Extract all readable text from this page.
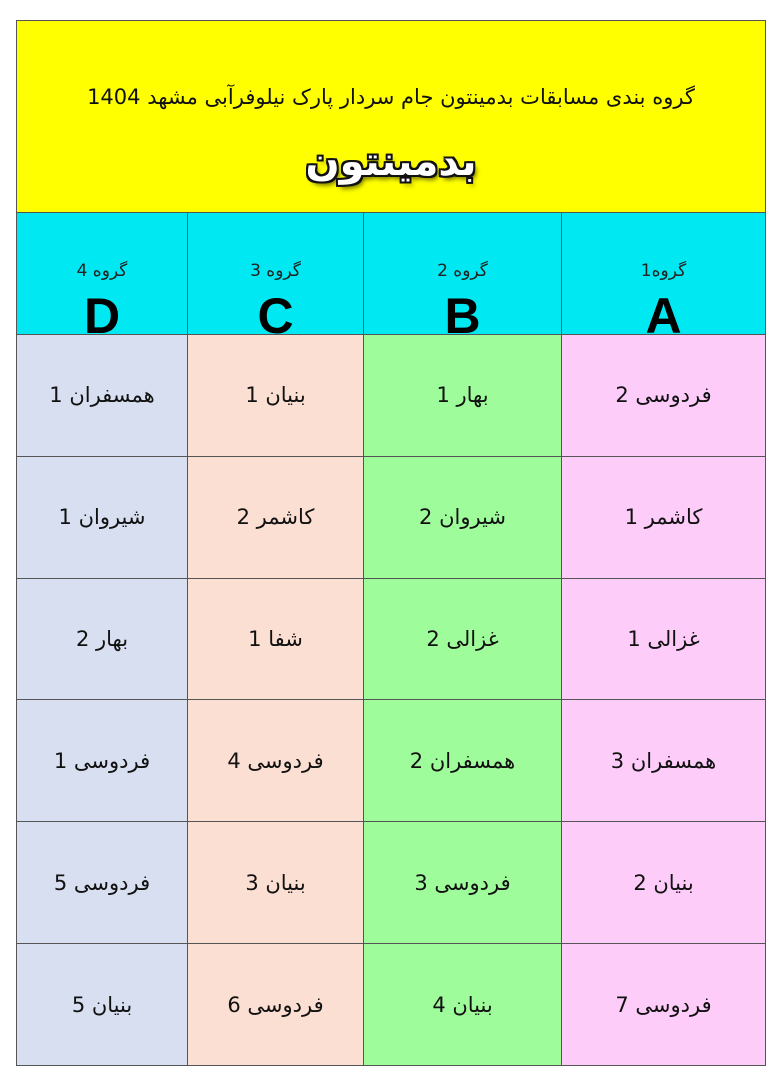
گروه بندی مسابقات بدمینتون جام سردار پارک نیلوفرآبی مشهد 1404
بدمینتون
گروه 4
D
همسفران 1
شیروان 1
بهار 2
فردوسی 1
فردوسی 5
بنیان 5
گروه 3
C
بنیان 1
کاشمر 2
شفا 1
فردوسی 4
بنیان 3
فردوسی 6
گروه 2
B
بهار 1
شیروان 2
غزالی 2
همسفران 2
فردوسی 3
بنیان 4
گروه1
A
فردوسی 2
کاشمر 1
غزالی 1
همسفران 3
بنیان 2
فردوسی 7
